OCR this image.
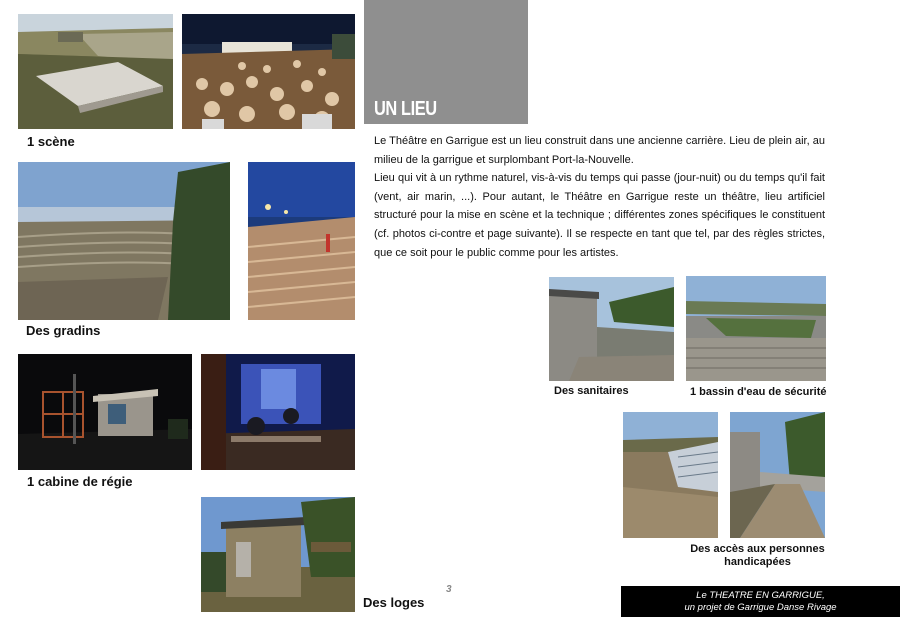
1 scène
Des gradins
1 cabine de régie
Des loges
UN LIEU

Le Théâtre en Garrigue est un lieu construit dans une ancienne carrière. Lieu de plein air, au milieu de la garrigue et surplombant Port-la-Nouvelle.

Lieu qui vit à un rythme naturel, vis-à-vis du temps qui passe (jour-nuit) ou du temps qu'il fait (vent, air marin, ...). Pour autant, le Théâtre en Garrigue reste un théâtre, lieu artificiel structuré pour la mise en scène et la technique ; différentes zones spécifiques le constituent (cf. photos ci-contre et page suivante). Il se respecte en tant que tel, par des règles strictes, que ce soit pour le public comme pour les artistes.

Des sanitaires	1 bassin d'eau de sécurité
Des accès aux personnes handicapées
3
Le THEATRE EN GARRIGUE,
un projet de Garrigue Danse Rivage
